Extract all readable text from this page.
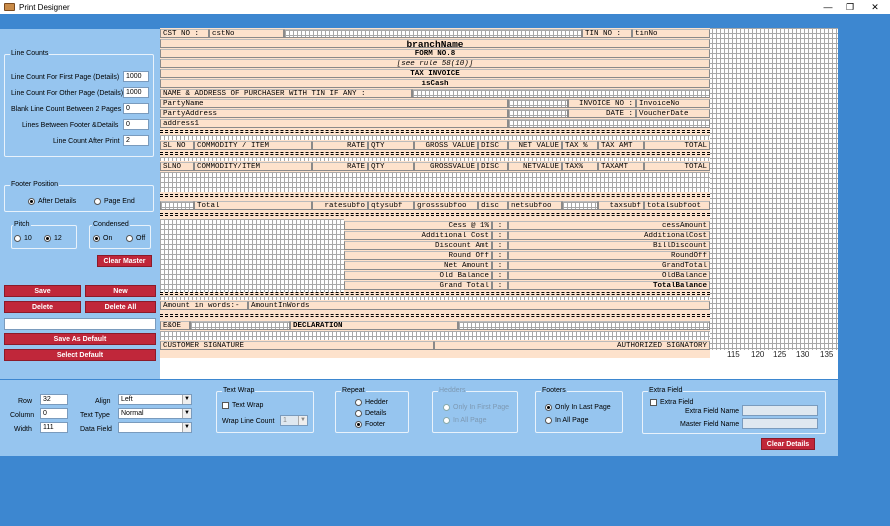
Print Designer	—	❐	✕
Line Counts
Line Count For First Page (Details) 1000
Line Count For Other Page (Details) 1000
Blank Line Count Between 2 Pages 0
Lines Between Footer & Details	0
Line Count After Print 2
Footer Position
After Details	Page End
Pitch
10	12
Condensed
On	Off
Clear Master
Save	New
Delete	Delete All
Save As Default
Select Default
CST NO :	cstNo	TIN NO :	tinNo
branchName
FORM NO.8
[see rule 58(10)]
TAX INVOICE
isCash
NAME & ADDRESS OF PURCHASER WITH TIN IF ANY :
PartyName	INVOICE NO : InvoiceNo
PartyAddress	DATE : VoucherDate
address1
SL NO	COMMODITY / ITEM	RATE QTY	GROSS VALUE DISC	NET VALUE TAX %	TAX AMT	TOTAL
SLNO	COMMODITY/ITEM	RATE QTY	GROSSVALUE DISC	NETVALUE TAX%	TAXAMT	TOTAL
Total	ratesubfo qtysubf	grosssubfoo	disc	netsubfoo	taxsubf totalsubfoot
Cess @ 1%	:	cessAmount
Additional Cost	:	AdditionalCost
Discount Amt	:	BillDiscount
Round Off	:	RoundOff
Net Amount	:	GrandTotal
Old Balance	:	OldBalance
Grand Total	:	TotalBalance
Amount in words:-	AmountInWords
E&OE	DECLARATION
CUSTOMER SIGNATURE	AUTHORIZED SIGNATORY
115 120 125 130 135
Row	32
Column	0
Width	111
Align	Left	▼
Text Type	Normal	▼
Data Field	▼
Text Wrap
Text Wrap
Wrap Line Count	1	▼
Repeat
Hedder
Details
Footer
Hedders
Only In First Page
In All Page
Footers
Only In Last Page
In All Page
Extra Field
Extra Field
Extra Field Name
Master Field Name
Clear Details
